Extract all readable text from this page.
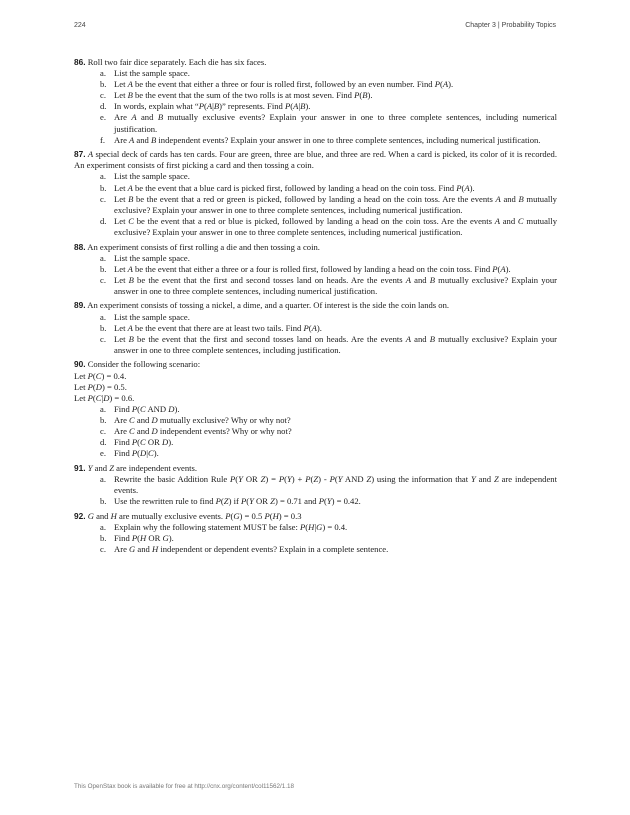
224	Chapter 3 | Probability Topics
86. Roll two fair dice separately. Each die has six faces.
a. List the sample space.
b. Let A be the event that either a three or four is rolled first, followed by an even number. Find P(A).
c. Let B be the event that the sum of the two rolls is at most seven. Find P(B).
d. In words, explain what “P(A|B)” represents. Find P(A|B).
e. Are A and B mutually exclusive events? Explain your answer in one to three complete sentences, including numerical justification.
f. Are A and B independent events? Explain your answer in one to three complete sentences, including numerical justification.
87. A special deck of cards has ten cards. Four are green, three are blue, and three are red. When a card is picked, its color of it is recorded. An experiment consists of first picking a card and then tossing a coin.
a. List the sample space.
b. Let A be the event that a blue card is picked first, followed by landing a head on the coin toss. Find P(A).
c. Let B be the event that a red or green is picked, followed by landing a head on the coin toss. Are the events A and B mutually exclusive? Explain your answer in one to three complete sentences, including numerical justification.
d. Let C be the event that a red or blue is picked, followed by landing a head on the coin toss. Are the events A and C mutually exclusive? Explain your answer in one to three complete sentences, including numerical justification.
88. An experiment consists of first rolling a die and then tossing a coin.
a. List the sample space.
b. Let A be the event that either a three or a four is rolled first, followed by landing a head on the coin toss. Find P(A).
c. Let B be the event that the first and second tosses land on heads. Are the events A and B mutually exclusive? Explain your answer in one to three complete sentences, including numerical justification.
89. An experiment consists of tossing a nickel, a dime, and a quarter. Of interest is the side the coin lands on.
a. List the sample space.
b. Let A be the event that there are at least two tails. Find P(A).
c. Let B be the event that the first and second tosses land on heads. Are the events A and B mutually exclusive? Explain your answer in one to three complete sentences, including justification.
90. Consider the following scenario:
Let P(C) = 0.4.
Let P(D) = 0.5.
Let P(C|D) = 0.6.
a. Find P(C AND D).
b. Are C and D mutually exclusive? Why or why not?
c. Are C and D independent events? Why or why not?
d. Find P(C OR D).
e. Find P(D|C).
91. Y and Z are independent events.
a. Rewrite the basic Addition Rule P(Y OR Z) = P(Y) + P(Z) - P(Y AND Z) using the information that Y and Z are independent events.
b. Use the rewritten rule to find P(Z) if P(Y OR Z) = 0.71 and P(Y) = 0.42.
92. G and H are mutually exclusive events. P(G) = 0.5 P(H) = 0.3
a. Explain why the following statement MUST be false: P(H|G) = 0.4.
b. Find P(H OR G).
c. Are G and H independent or dependent events? Explain in a complete sentence.
This OpenStax book is available for free at http://cnx.org/content/col11562/1.18
